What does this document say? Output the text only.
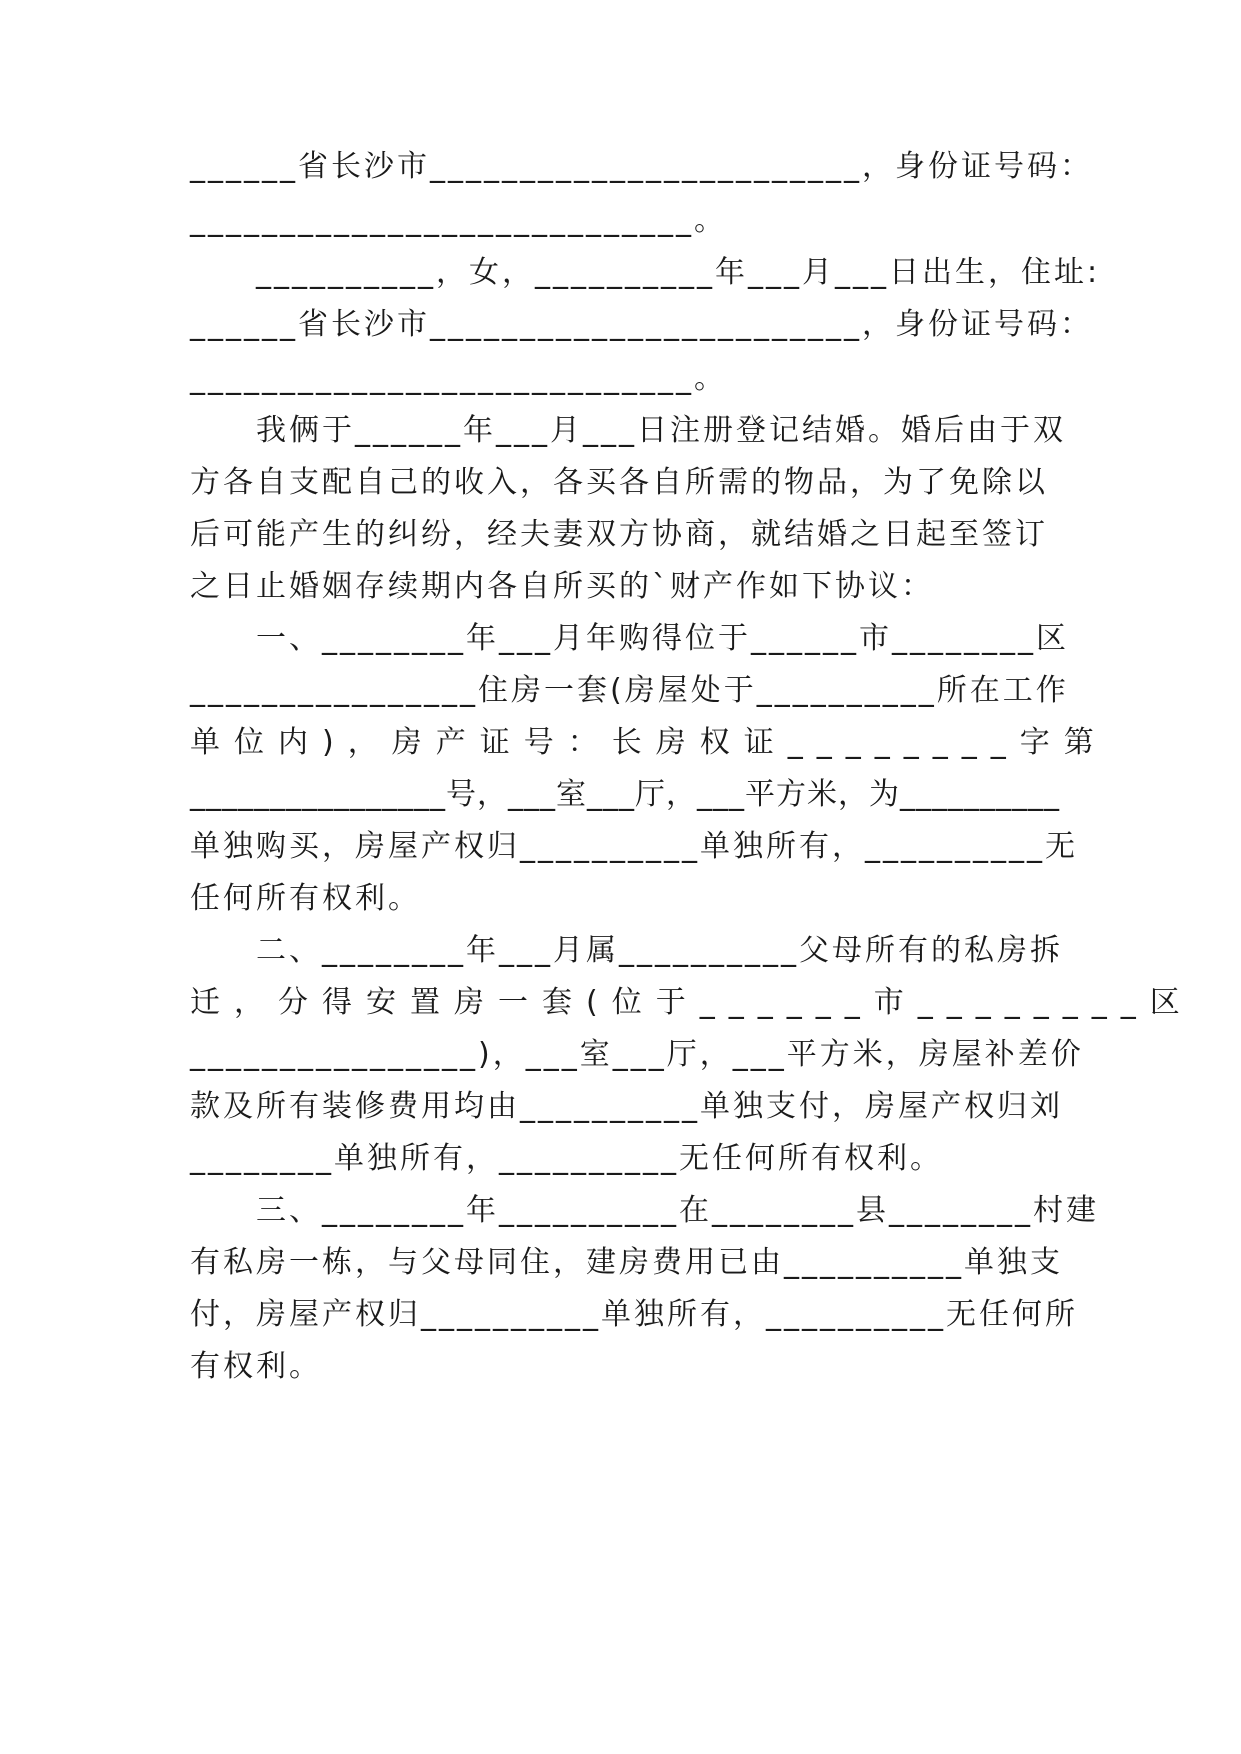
______省长沙市________________________，身份证号码：
____________________________。
　　__________，女，__________年___月___日出生，住址:
______省长沙市________________________，身份证号码：
____________________________。
　　我俩于______年___月___日注册登记结婚。婚后由于双
方各自支配自己的收入，各买各自所需的物品，为了免除以
后可能产生的纠纷，经夫妻双方协商，就结婚之日起至签订
之日止婚姻存续期内各自所买的`财产作如下协议：
　　一、________年___月年购得位于______市________区
________________住房一套(房屋处于__________所在工作
单位内)，房产证号：长房权证________字第
________________号，___室___厅，___平方米，为__________
单独购买，房屋产权归__________单独所有，__________无
任何所有权利。
　　二、________年___月属__________父母所有的私房拆
迁，分得安置房一套(位于______市________区
________________)，___室___厅，___平方米，房屋补差价
款及所有装修费用均由__________单独支付，房屋产权归刘
________单独所有，__________无任何所有权利。
　　三、________年__________在________县________村建
有私房一栋，与父母同住，建房费用已由__________单独支
付，房屋产权归__________单独所有，__________无任何所
有权利。
